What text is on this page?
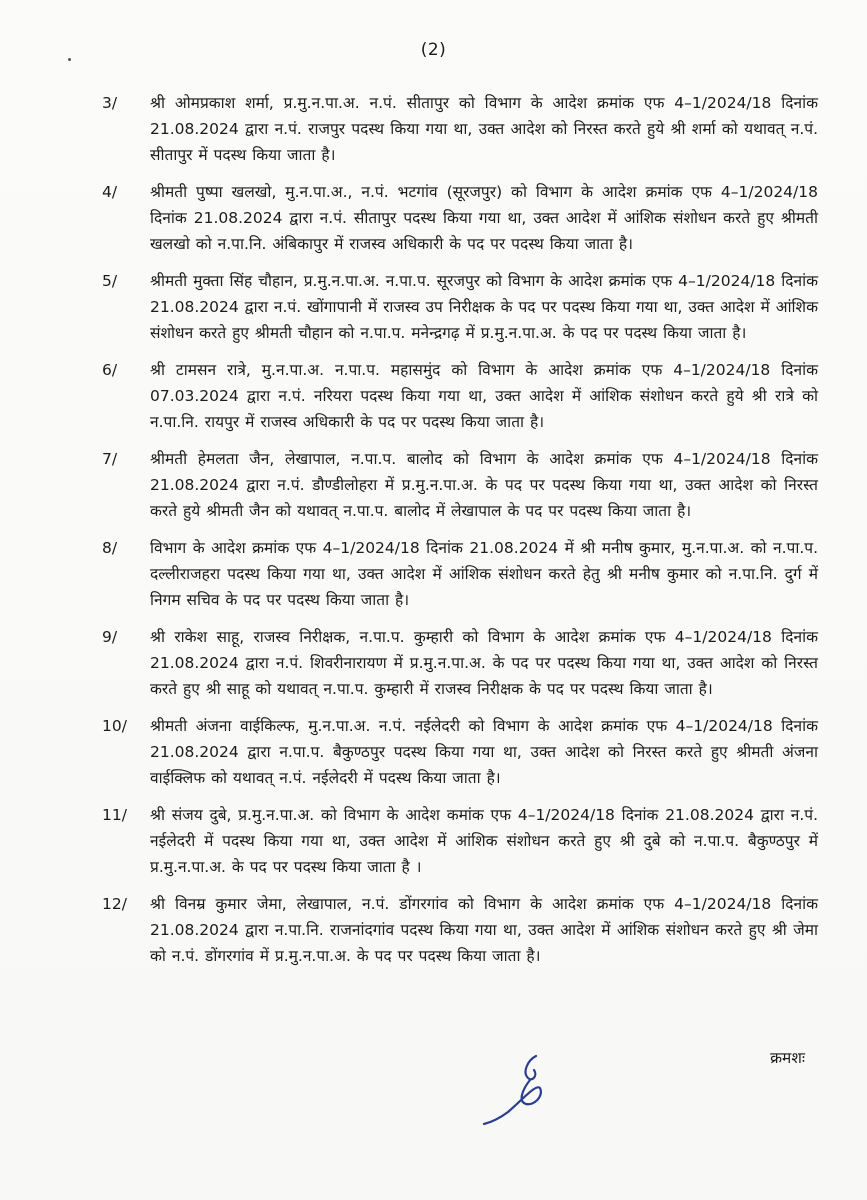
(2)
3/	श्री ओमप्रकाश शर्मा, प्र.मु.न.पा.अ. न.पं. सीतापुर को विभाग के आदेश क्रमांक एफ 4–1/2024/18 दिनांक 21.08.2024 द्वारा न.पं. राजपुर पदस्थ किया गया था, उक्त आदेश को निरस्त करते हुये श्री शर्मा को यथावत् न.पं. सीतापुर में पदस्थ किया जाता है।
4/	श्रीमती पुष्पा खलखो, मु.न.पा.अ., न.पं. भटगांव (सूरजपुर) को विभाग के आदेश क्रमांक एफ 4–1/2024/18 दिनांक 21.08.2024 द्वारा न.पं. सीतापुर पदस्थ किया गया था, उक्त आदेश में आंशिक संशोधन करते हुए श्रीमती खलखो को न.पा.नि. अंबिकापुर में राजस्व अधिकारी के पद पर पदस्थ किया जाता है।
5/	श्रीमती मुक्ता सिंह चौहान, प्र.मु.न.पा.अ. न.पा.प. सूरजपुर को विभाग के आदेश क्रमांक एफ 4–1/2024/18 दिनांक 21.08.2024 द्वारा न.पं. खोंगापानी में राजस्व उप निरीक्षक के पद पर पदस्थ किया गया था, उक्त आदेश में आंशिक संशोधन करते हुए श्रीमती चौहान को न.पा.प. मनेन्द्रगढ़ में प्र.मु.न.पा.अ. के पद पर पदस्थ किया जाता है।
6/	श्री टामसन रात्रे, मु.न.पा.अ. न.पा.प. महासमुंद को विभाग के आदेश क्रमांक एफ 4–1/2024/18 दिनांक 07.03.2024 द्वारा न.पं. नरियरा पदस्थ किया गया था, उक्त आदेश में आंशिक संशोधन करते हुये श्री रात्रे को न.पा.नि. रायपुर में राजस्व अधिकारी के पद पर पदस्थ किया जाता है।
7/	श्रीमती हेमलता जैन, लेखापाल, न.पा.प. बालोद को विभाग के आदेश क्रमांक एफ 4–1/2024/18 दिनांक 21.08.2024 द्वारा न.पं. डौण्डीलोहरा में प्र.मु.न.पा.अ. के पद पर पदस्थ किया गया था, उक्त आदेश को निरस्त करते हुये श्रीमती जैन को यथावत् न.पा.प. बालोद में लेखापाल के पद पर पदस्थ किया जाता है।
8/	विभाग के आदेश क्रमांक एफ 4–1/2024/18 दिनांक 21.08.2024 में श्री मनीष कुमार, मु.न.पा.अ. को न.पा.प. दल्लीराजहरा पदस्थ किया गया था, उक्त आदेश में आंशिक संशोधन करते हेतु श्री मनीष कुमार को न.पा.नि. दुर्ग में निगम सचिव के पद पर पदस्थ किया जाता है।
9/	श्री राकेश साहू, राजस्व निरीक्षक, न.पा.प. कुम्हारी को विभाग के आदेश क्रमांक एफ 4–1/2024/18 दिनांक 21.08.2024 द्वारा न.पं. शिवरीनारायण में प्र.मु.न.पा.अ. के पद पर पदस्थ किया गया था, उक्त आदेश को निरस्त करते हुए श्री साहू को यथावत् न.पा.प. कुम्हारी में राजस्व निरीक्षक के पद पर पदस्थ किया जाता है।
10/	श्रीमती अंजना वाईकिल्फ, मु.न.पा.अ. न.पं. नईलेदरी को विभाग के आदेश क्रमांक एफ 4–1/2024/18 दिनांक 21.08.2024 द्वारा न.पा.प. बैकुण्ठपुर पदस्थ किया गया था, उक्त आदेश को निरस्त करते हुए श्रीमती अंजना वाईक्लिफ को यथावत् न.पं. नईलेदरी में पदस्थ किया जाता है।
11/	श्री संजय दुबे, प्र.मु.न.पा.अ. को विभाग के आदेश कमांक एफ 4–1/2024/18 दिनांक 21.08.2024 द्वारा न.पं. नईलेदरी में पदस्थ किया गया था, उक्त आदेश में आंशिक संशोधन करते हुए श्री दुबे को न.पा.प. बैकुण्ठपुर में प्र.मु.न.पा.अ. के पद पर पदस्थ किया जाता है ।
12/	श्री विनम्र कुमार जेमा, लेखापाल, न.पं. डोंगरगांव को विभाग के आदेश क्रमांक एफ 4–1/2024/18 दिनांक 21.08.2024 द्वारा न.पा.नि. राजनांदगांव पदस्थ किया गया था, उक्त आदेश में आंशिक संशोधन करते हुए श्री जेमा को न.पं. डोंगरगांव में प्र.मु.न.पा.अ. के पद पर पदस्थ किया जाता है।
क्रमशः
